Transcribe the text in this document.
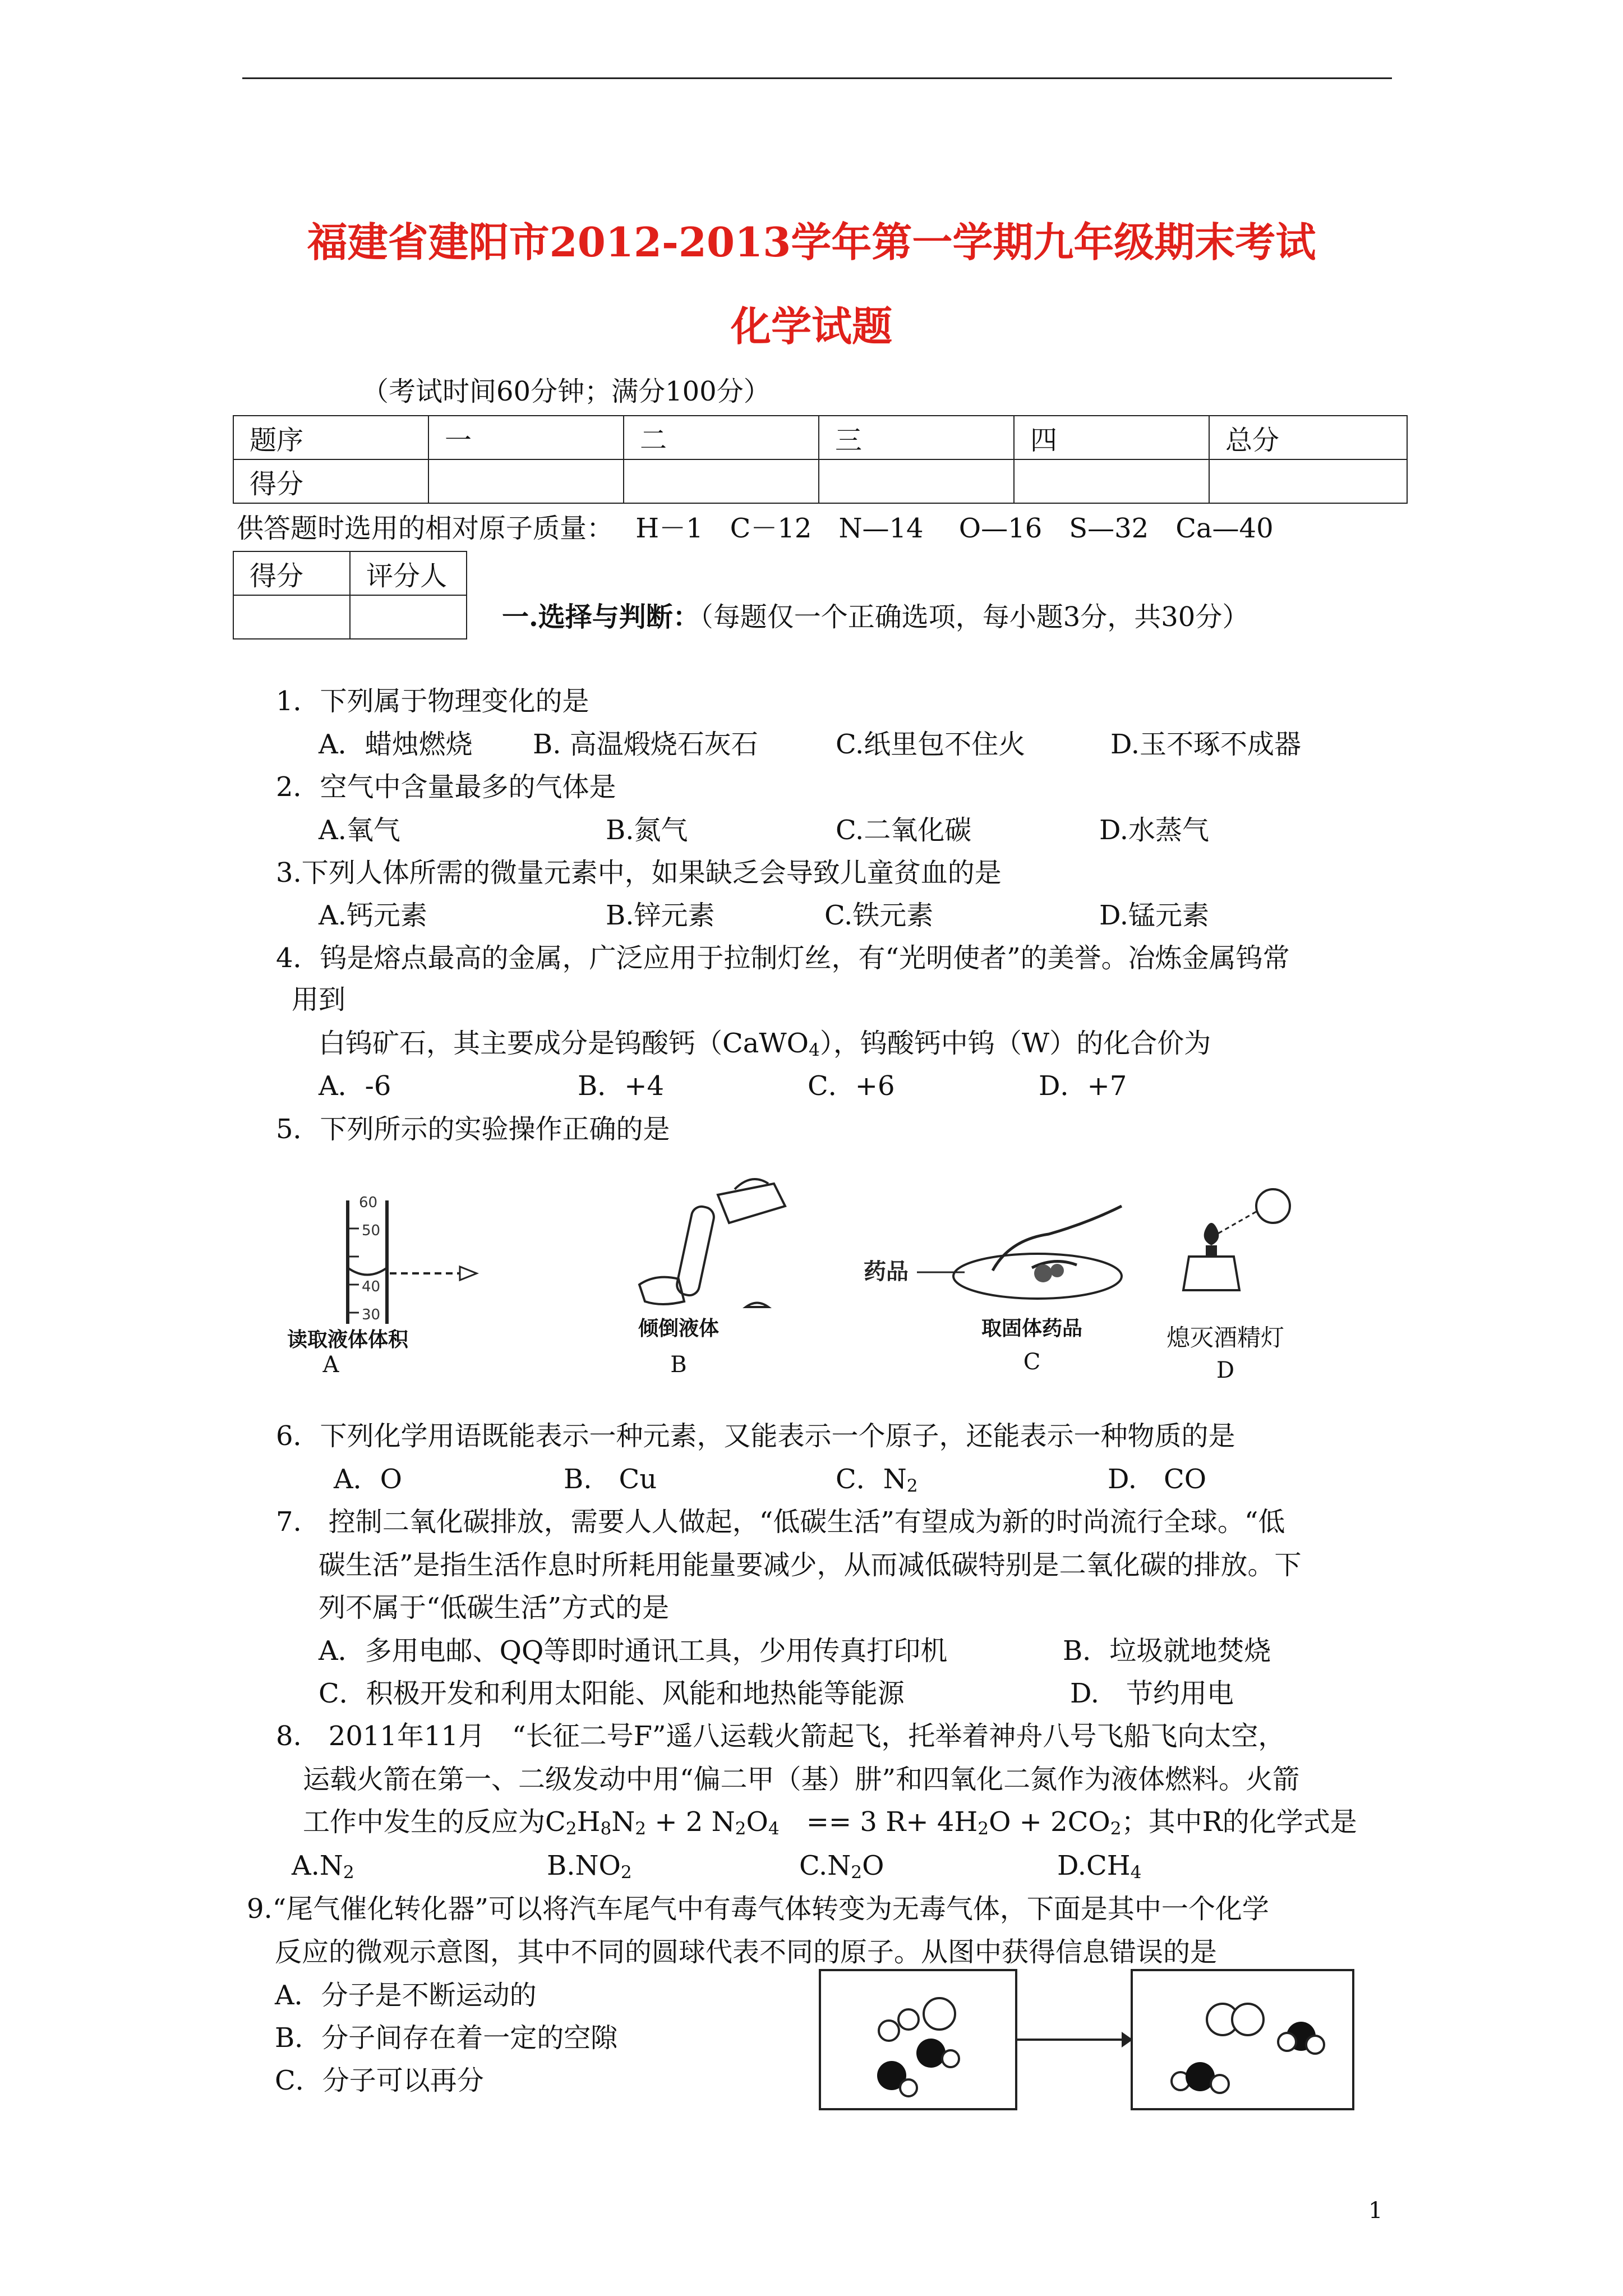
福建省建阳市2012-2013学年第一学期九年级期末考试
化学试题
（考试时间60分钟；满分100分）
题序	一	二	三	四	总分
得分					
供答题时选用的相对原子质量：　 H－1　C－12　N—14　 O—16　S—32　Ca—40
得分	评分人

一.选择与判断：（每题仅一个正确选项，每小题3分，共30分）
1．下列属于物理变化的是
A．蜡烛燃烧 B. 高温煅烧石灰石	C.纸里包不住火	D.玉不琢不成器
2．空气中含量最多的气体是
A.氧气	B.氮气	C.二氧化碳	D.水蒸气
3.下列人体所需的微量元素中，如果缺乏会导致儿童贫血的是
A.钙元素	B.锌元素	C.铁元素	D.锰元素
4．钨是熔点最高的金属，广泛应用于拉制灯丝，有“光明使者”的美誉。冶炼金属钨常
用到
白钨矿石，其主要成分是钨酸钙（CaWO$_4$），钨酸钙中钨（W）的化合价为
A．-6	B．+4	C．+6	D．+7
5．下列所示的实验操作正确的是
60
50
40
30
读取液体体积
A
倾倒液体
B
药品
取固体药品
C
熄灭酒精灯
D
6．下列化学用语既能表示一种元素，又能表示一个原子，还能表示一种物质的是
A．O	B.　Cu	C．$N_2$	D.　CO
7.　控制二氧化碳排放，需要人人做起，“低碳生活”有望成为新的时尚流行全球。“低
碳生活”是指生活作息时所耗用能量要减少，从而减低碳特别是二氧化碳的排放。下
列不属于“低碳生活”方式的是
A．多用电邮、QQ等即时通讯工具，少用传真打印机	B．垃圾就地焚烧
C．积极开发和利用太阳能、风能和地热能等能源	D.　节约用电
8.　2011年11月　“长征二号F”遥八运载火箭起飞，托举着神舟八号飞船飞向太空，
运载火箭在第一、二级发动中用“偏二甲（基）肼”和四氧化二氮作为液体燃料。火箭
工作中发生的反应为$C_2H_8N_2 + 2$ $N_2O_4$　== 3 $R+ 4H_2O + 2CO_2$；其中R的化学式是
$A.N_2$	$B.NO_2$	$C.N_2O$	$D.CH_4$
9.“尾气催化转化器”可以将汽车尾气中有毒气体转变为无毒气体，下面是其中一个化学
反应的微观示意图，其中不同的圆球代表不同的原子。从图中获得信息错误的是
A．分子是不断运动的
B．分子间存在着一定的空隙
C．分子可以再分
1
